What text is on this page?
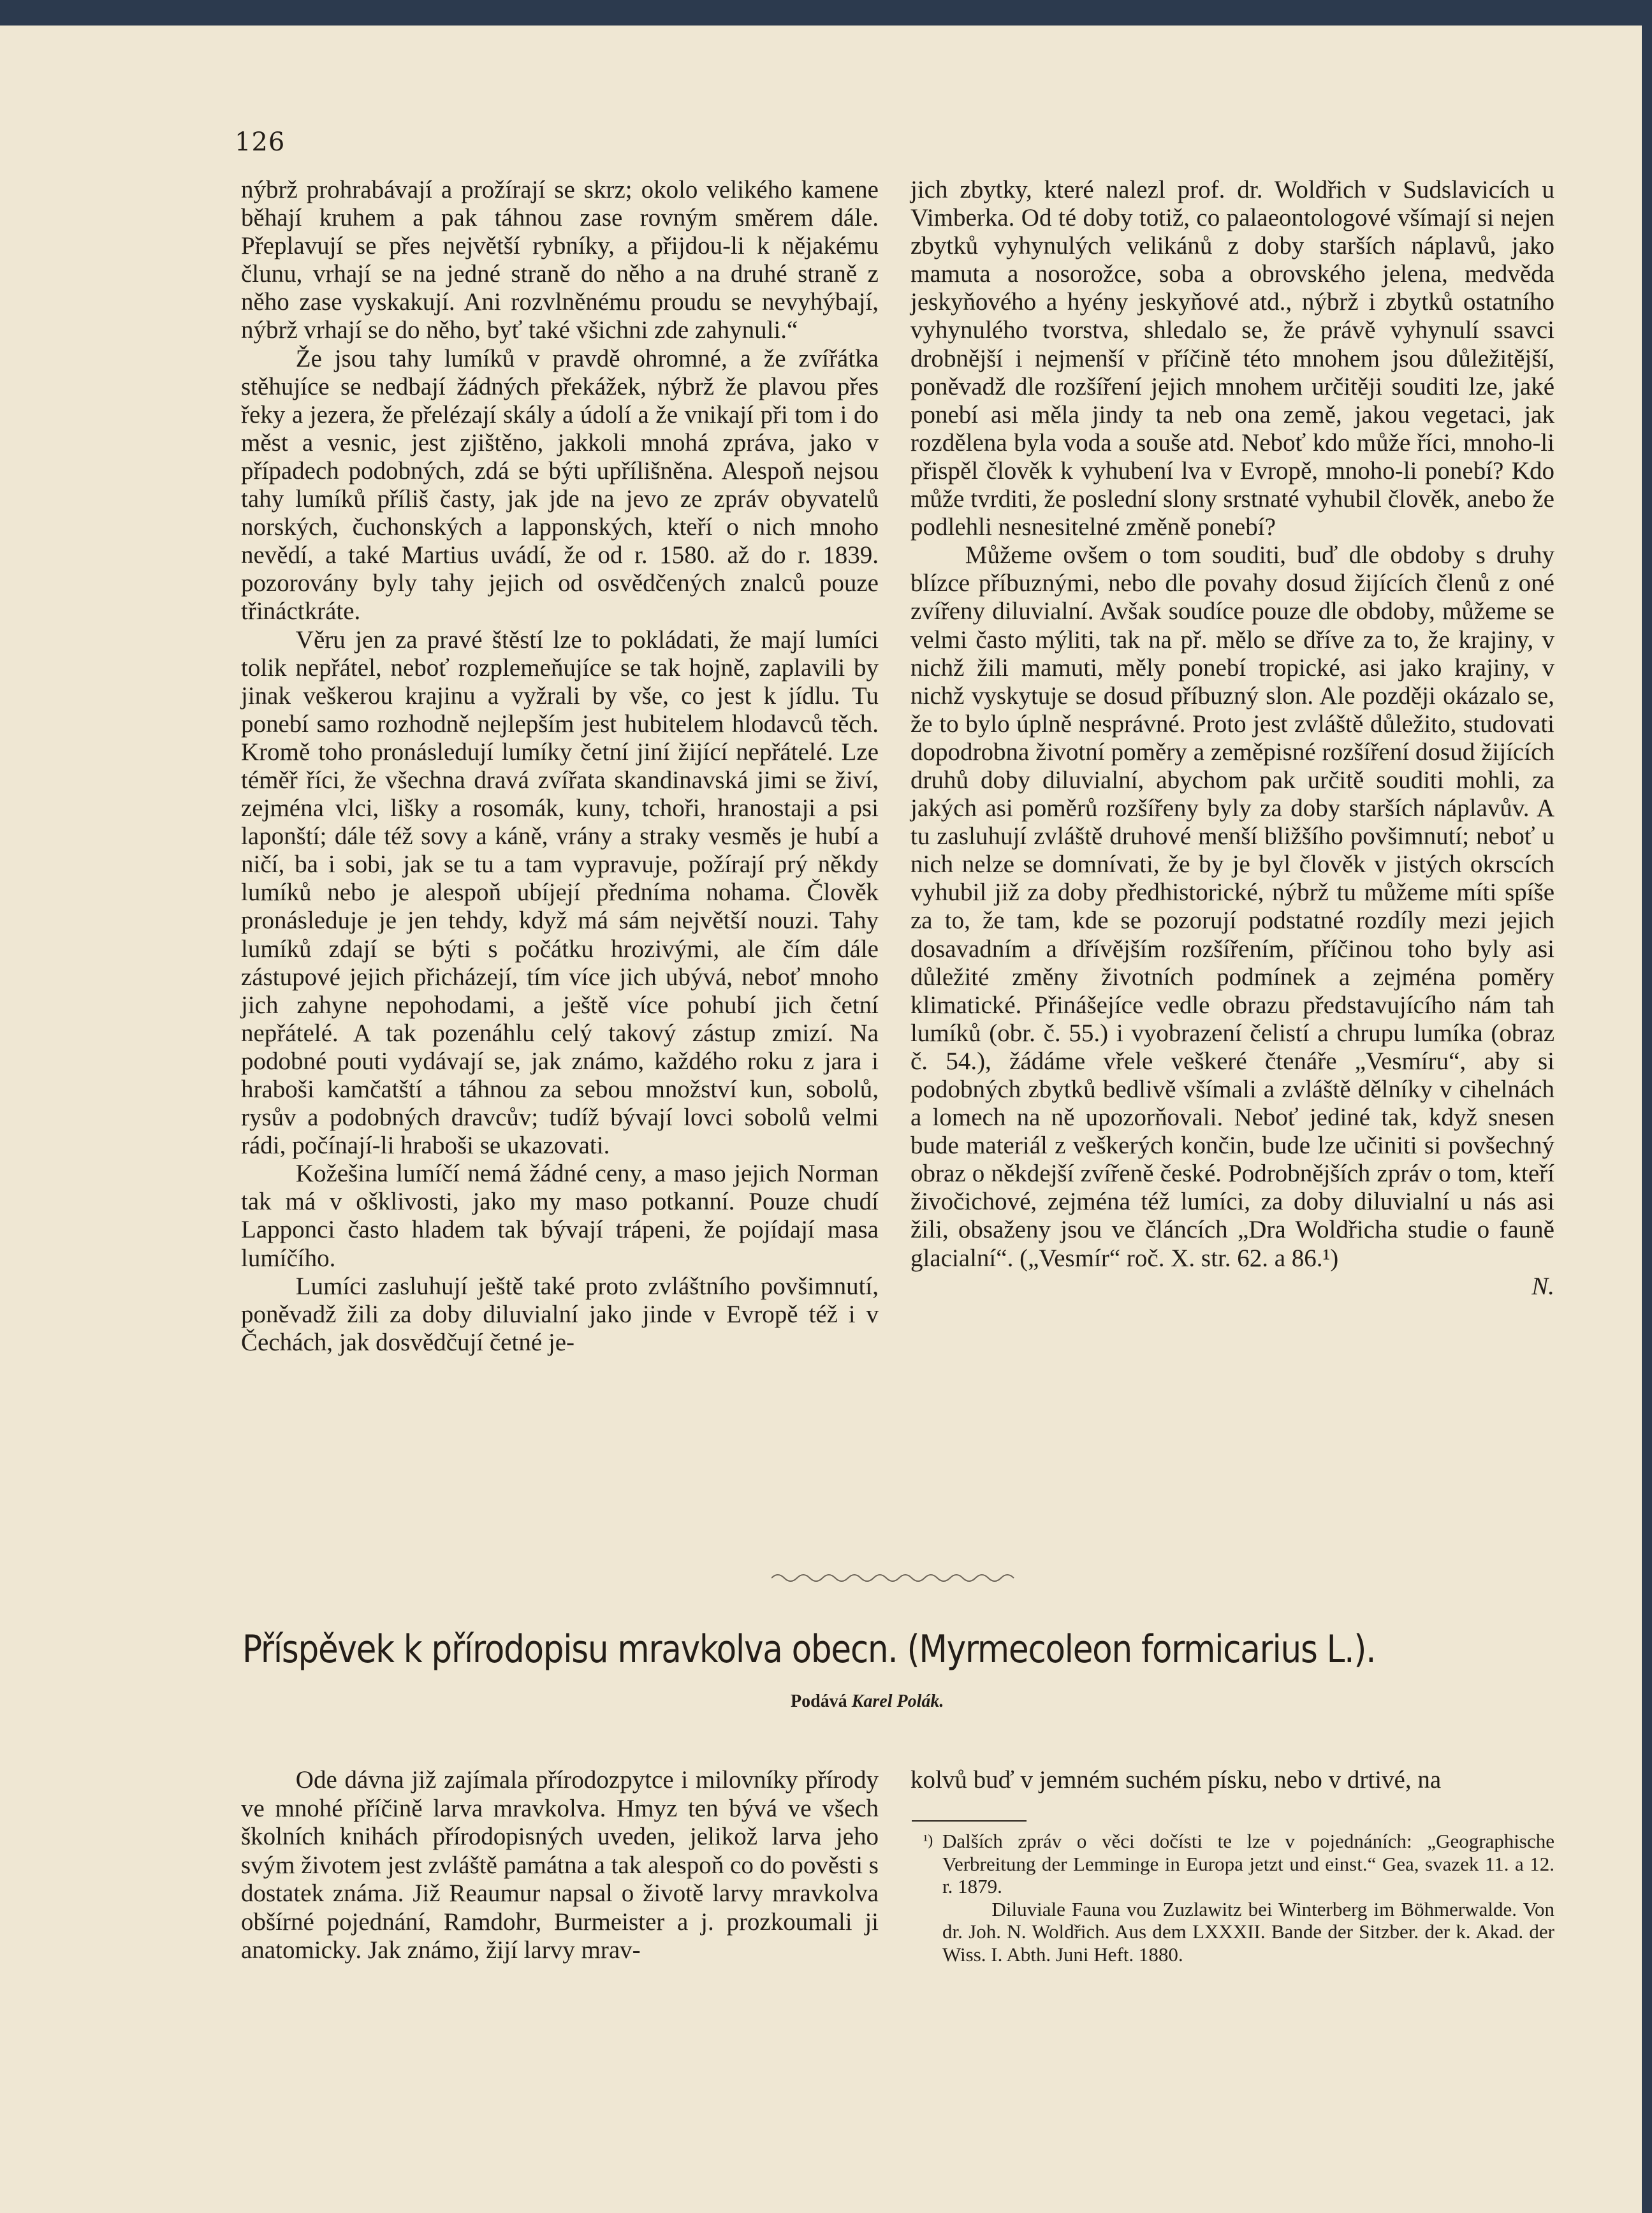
126

nýbrž prohrabávají a prožírají se skrz; okolo velikého kamene běhají kruhem a pak táhnou zase rovným směrem dále. Přeplavují se přes největší rybníky, a přijdou-li k nějakému člunu, vrhají se na jedné straně do něho a na druhé straně z něho zase vyskakují. Ani rozvlněnému proudu se nevyhýbají, nýbrž vrhají se do něho, byť také všichni zde zahynuli.“

Že jsou tahy lumíků v pravdě ohromné, a že zvířátka stěhujíce se nedbají žádných překážek, nýbrž že plavou přes řeky a jezera, že přelézají skály a údolí a že vnikají při tom i do měst a vesnic, jest zjištěno, jakkoli mnohá zpráva, jako v případech podobných, zdá se býti upřílišněna. Alespoň nejsou tahy lumíků příliš časty, jak jde na jevo ze zpráv obyvatelů norských, čuchonských a lapponských, kteří o nich mnoho nevědí, a také Martius uvádí, že od r. 1580. až do r. 1839. pozorovány byly tahy jejich od osvědčených znalců pouze třináctkráte.

Věru jen za pravé štěstí lze to pokládati, že mají lumíci tolik nepřátel, neboť rozplemeňujíce se tak hojně, zaplavili by jinak veškerou krajinu a vyžrali by vše, co jest k jídlu. Tu ponebí samo rozhodně nejlepším jest hubitelem hlodavců těch. Kromě toho pronásledují lumíky četní jiní žijící nepřátelé. Lze téměř říci, že všechna dravá zvířata skandinavská jimi se živí, zejména vlci, lišky a rosomák, kuny, tchoři, hranostaji a psi laponští; dále též sovy a káně, vrány a straky vesměs je hubí a ničí, ba i sobi, jak se tu a tam vypravuje, požírají prý někdy lumíků nebo je alespoň ubíjejí předníma nohama. Člověk pronásleduje je jen tehdy, když má sám největší nouzi. Tahy lumíků zdají se býti s počátku hrozivými, ale čím dále zástupové jejich přicházejí, tím více jich ubývá, neboť mnoho jich zahyne nepohodami, a ještě více pohubí jich četní nepřátelé. A tak pozenáhlu celý takový zástup zmizí. Na podobné pouti vydávají se, jak známo, každého roku z jara i hraboši kamčatští a táhnou za sebou množství kun, sobolů, rysův a podobných dravcův; tudíž bývají lovci sobolů velmi rádi, počínají-li hraboši se ukazovati.

Kožešina lumíčí nemá žádné ceny, a maso jejich Norman tak má v ošklivosti, jako my maso potkanní. Pouze chudí Lapponci často hladem tak bývají trápeni, že pojídají masa lumíčího.

Lumíci zasluhují ještě také proto zvláštního povšimnutí, poněvadž žili za doby diluvialní jako jinde v Evropě též i v Čechách, jak dosvědčují četné je-

jich zbytky, které nalezl prof. dr. Woldřich v Sudslavicích u Vimberka. Od té doby totiž, co palaeontologové všímají si nejen zbytků vyhynulých velikánů z doby starších náplavů, jako mamuta a nosorožce, soba a obrovského jelena, medvěda jeskyňového a hyény jeskyňové atd., nýbrž i zbytků ostatního vyhynulého tvorstva, shledalo se, že právě vyhynulí ssavci drobnější i nejmenší v příčině této mnohem jsou důležitější, poněvadž dle rozšíření jejich mnohem určitěji souditi lze, jaké ponebí asi měla jindy ta neb ona země, jakou vegetaci, jak rozdělena byla voda a souše atd. Neboť kdo může říci, mnoho-li přispěl člověk k vyhubení lva v Evropě, mnoho-li ponebí? Kdo může tvrditi, že poslední slony srstnaté vyhubil člověk, anebo že podlehli nesnesitelné změně ponebí?

Můžeme ovšem o tom souditi, buď dle obdoby s druhy blízce příbuznými, nebo dle povahy dosud žijících členů z oné zvířeny diluvialní. Avšak soudíce pouze dle obdoby, můžeme se velmi často mýliti, tak na př. mělo se dříve za to, že krajiny, v nichž žili mamuti, měly ponebí tropické, asi jako krajiny, v nichž vyskytuje se dosud příbuzný slon. Ale později okázalo se, že to bylo úplně nesprávné. Proto jest zvláště důležito, studovati dopodrobna životní poměry a zeměpisné rozšíření dosud žijících druhů doby diluvialní, abychom pak určitě souditi mohli, za jakých asi poměrů rozšířeny byly za doby starších náplavův. A tu zasluhují zvláště druhové menší bližšího povšimnutí; neboť u nich nelze se domnívati, že by je byl člověk v jistých okrscích vyhubil již za doby předhistorické, nýbrž tu můžeme míti spíše za to, že tam, kde se pozorují podstatné rozdíly mezi jejich dosavadním a dřívějším rozšířením, příčinou toho byly asi důležité změny životních podmínek a zejména poměry klimatické. Přinášejíce vedle obrazu představujícího nám tah lumíků (obr. č. 55.) i vyobrazení čelistí a chrupu lumíka (obraz č. 54.), žádáme vřele veškeré čtenáře „Vesmíru“, aby si podobných zbytků bedlivě všímali a zvláště dělníky v cihelnách a lomech na ně upozorňovali. Neboť jediné tak, když snesen bude materiál z veškerých končin, bude lze učiniti si povšechný obraz o někdejší zvířeně české. Podrobnějších zpráv o tom, kteří živočichové, zejména též lumíci, za doby diluvialní u nás asi žili, obsaženy jsou ve článcích „Dra Woldřicha studie o fauně glacialní“. („Vesmír“ roč. X. str. 62. a 86.¹)

N.

Příspěvek k přírodopisu mravkolva obecn. (Myrmecoleon formicarius L.).
Podává Karel Polák.

Ode dávna již zajímala přírodozpytce i milovníky přírody ve mnohé příčině larva mravkolva. Hmyz ten bývá ve všech školních knihách přírodopisných uveden, jelikož larva jeho svým životem jest zvláště památna a tak alespoň co do pověsti s dostatek známa. Již Reaumur napsal o životě larvy mravkolva obšírné pojednání, Ramdohr, Burmeister a j. prozkoumali ji anatomicky. Jak známo, žijí larvy mrav-

kolvů buď v jemném suchém písku, nebo v drtivé, na
¹) Dalších zpráv o věci dočísti te lze v pojednáních: „Geographische Verbreitung der Lemminge in Europa jetzt und einst.“ Gea, svazek 11. a 12. r. 1879.

Diluviale Fauna vou Zuzlawitz bei Winterberg im Böhmerwalde. Von dr. Joh. N. Woldřich. Aus dem LXXXII. Bande der Sitzber. der k. Akad. der Wiss. I. Abth. Juni Heft. 1880.
